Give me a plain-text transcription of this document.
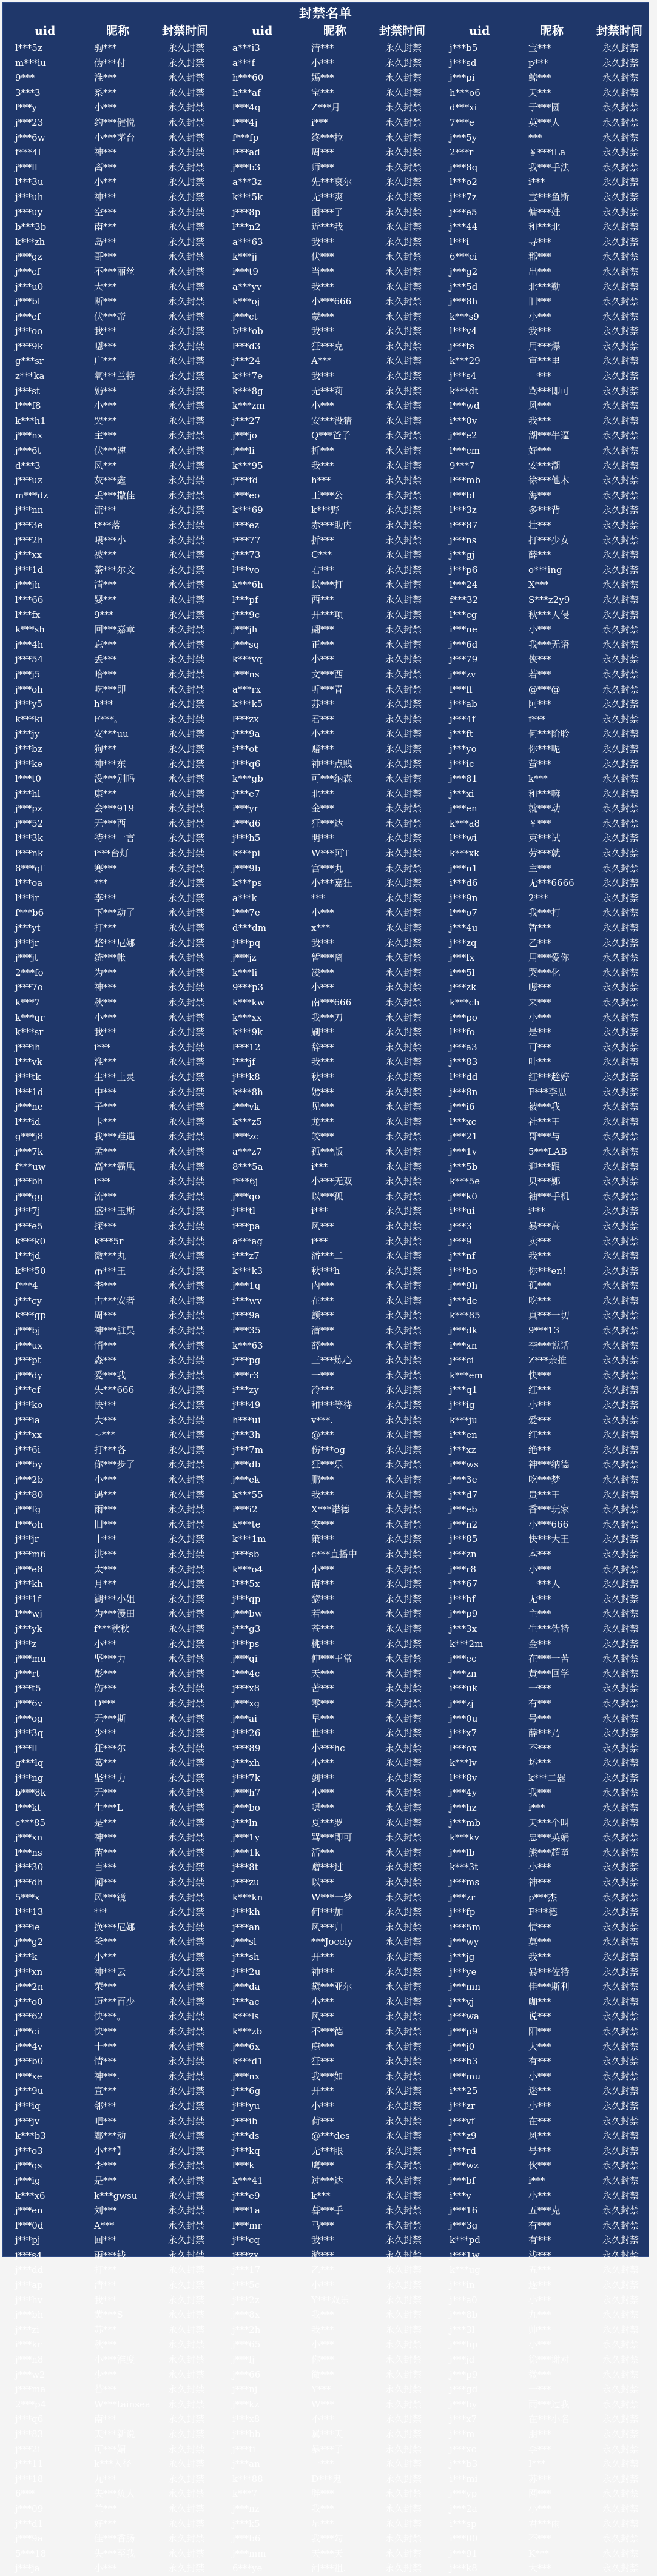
封禁名单
uid	昵称	封禁时间	uid	昵称	封禁时间	uid	昵称	封禁时间
l***5z	驹***	永久封禁	a***i3	清***	永久封禁	j***b5	宝***	永久封禁
m***iu	伪***付	永久封禁	a***f	小***	永久封禁	j***sd	p***	永久封禁
9***	淮***	永久封禁	h***60	嫣***	永久封禁	j***pi	鲸***	永久封禁
3***3	系***	永久封禁	h***af	宝***	永久封禁	h***o6	天***	永久封禁
l***y	小***	永久封禁	l***4q	Z***月	永久封禁	d***xi	于***圆	永久封禁
j***23	约***健悦	永久封禁	l***4j	i***	永久封禁	7***e	英***人	永久封禁
j***6w	小***茅台	永久封禁	f***fp	终***拉	永久封禁	j***5y	***	永久封禁
f***4l	神***	永久封禁	l***ad	周***	永久封禁	2***r	￥***iLa	永久封禁
j***ll	离***	永久封禁	j***b3	师***	永久封禁	j***8q	我***手法	永久封禁
l***3u	小***	永久封禁	a***3z	先***哀尔	永久封禁	l***o2	i***	永久封禁
j***uh	神***	永久封禁	k***5k	无***爽	永久封禁	j***7z	宝***鱼斯	永久封禁
j***uy	空***	永久封禁	j***8p	函***了	永久封禁	j***e5	慵***娃	永久封禁
b***3b	南***	永久封禁	l***n2	近***我	永久封禁	j***44	和***北	永久封禁
k***zh	岛***	永久封禁	a***63	我***	永久封禁	l***i	寻***	永久封禁
j***gz	哥***	永久封禁	k***jj	伏***	永久封禁	6***ci	郡***	永久封禁
j***cf	不***丽丝	永久封禁	i***t9	当***	永久封禁	j***g2	出***	永久封禁
j***u0	大***	永久封禁	a***yv	我***	永久封禁	j***5d	北***勤	永久封禁
j***bl	断***	永久封禁	k***oj	小***666	永久封禁	j***8h	旧***	永久封禁
j***ef	伏***帝	永久封禁	j***ct	蒙***	永久封禁	k***s9	小***	永久封禁
j***oo	我***	永久封禁	b***ob	我***	永久封禁	l***v4	我***	永久封禁
j***9k	嗯***	永久封禁	l***d3	狂***克	永久封禁	j***ts	用***爆	永久封禁
g***sr	广***	永久封禁	j***24	A***	永久封禁	k***29	审***里	永久封禁
z***ka	氧***兰特	永久封禁	k***7e	我***	永久封禁	j***s4	一***	永久封禁
j***st	奶***	永久封禁	k***8g	无***莉	永久封禁	k***dt	骂***即可	永久封禁
l***f8	小***	永久封禁	k***zm	小***	永久封禁	l***wd	风***	永久封禁
k***h1	哭***	永久封禁	j***27	安***没猜	永久封禁	i***0v	我***	永久封禁
j***nx	主***	永久封禁	j***jo	Q***爸子	永久封禁	j***e2	湖***牛逼	永久封禁
j***6t	伏***速	永久封禁	j***li	折***	永久封禁	l***cm	好***	永久封禁
d***3	风***	永久封禁	k***95	我***	永久封禁	9***7	安***潮	永久封禁
j***uz	灰***鑫	永久封禁	j***fd	h***	永久封禁	l***mb	徐***他木	永久封禁
m***dz	丢***撒佳	永久封禁	i***eo	王***公	永久封禁	l***bl	海***	永久封禁
j***nn	流***	永久封禁	k***69	k***野	永久封禁	l***3z	多***背	永久封禁
j***3e	t***落	永久封禁	l***ez	赤***助内	永久封禁	i***87	壮***	永久封禁
j***2h	喂***小	永久封禁	i***77	折***	永久封禁	j***ns	打***少女	永久封禁
j***xx	被***	永久封禁	j***73	C***	永久封禁	j***gj	薛***	永久封禁
j***1d	茶***尔文	永久封禁	l***vo	君***	永久封禁	j***p6	o***ing	永久封禁
j***jh	清***	永久封禁	k***6h	以***打	永久封禁	l***24	X***	永久封禁
l***66	婴***	永久封禁	l***pf	西***	永久封禁	f***32	S***z2y9	永久封禁
l***fx	9***	永久封禁	j***9c	开***项	永久封禁	l***cg	秋***人侵	永久封禁
k***sh	回***嘉章	永久封禁	j***jh	翩***	永久封禁	i***ne	小***	永久封禁
j***4h	忘***	永久封禁	j***sq	正***	永久封禁	j***6d	我***无语	永久封禁
j***54	丢***	永久封禁	k***vq	小***	永久封禁	j***79	侠***	永久封禁
j***j5	哈***	永久封禁	i***ns	文***西	永久封禁	j***zv	若***	永久封禁
j***oh	吃***即	永久封禁	a***rx	听***青	永久封禁	l***ff	@***@	永久封禁
j***y5	h***	永久封禁	k***k5	苏***	永久封禁	j***ab	阿***	永久封禁
k***ki	F***。	永久封禁	l***zx	君***	永久封禁	j***4f	f***	永久封禁
j***jy	安***uu	永久封禁	j***9a	小***	永久封禁	j***ft	何***阶聆	永久封禁
j***bz	狗***	永久封禁	i***ot	赌***	永久封禁	j***yo	你***呢	永久封禁
j***ke	神***东	永久封禁	j***q6	神***点贱	永久封禁	j***ic	萤***	永久封禁
l***t0	没***别吗	永久封禁	k***gb	可***纳森	永久封禁	j***81	k***	永久封禁
j***hl	康***	永久封禁	j***e7	北***	永久封禁	j***xi	和***嘛	永久封禁
j***pz	会***919	永久封禁	i***yr	金***	永久封禁	j***en	就***动	永久封禁
j***52	无***西	永久封禁	i***d6	狂***达	永久封禁	k***a8	￥***	永久封禁
l***3k	特***一言	永久封禁	j***h5	明***	永久封禁	l***wi	束***试	永久封禁
l***nk	i***台灯	永久封禁	k***pi	W***阿T	永久封禁	k***xk	劳***就	永久封禁
8***qf	寒***	永久封禁	j***9b	宫***丸	永久封禁	j***n1	主***	永久封禁
l***oa	***	永久封禁	k***ps	小***嘉狂	永久封禁	i***d6	无***6666	永久封禁
l***ir	李***	永久封禁	a***k	***	永久封禁	j***9n	2***	永久封禁
f***b6	下***动了	永久封禁	l***7e	小***	永久封禁	l***o7	我***打	永久封禁
j***yt	打***	永久封禁	d***dm	x***	永久封禁	j***4u	暂***	永久封禁
j***jr	整***尼娜	永久封禁	j***pq	我***	永久封禁	j***zq	乙***	永久封禁
j***jt	统***帐	永久封禁	j***jz	暂***离	永久封禁	j***fx	用***爱你	永久封禁
2***fo	为***	永久封禁	k***li	凌***	永久封禁	i***5l	哭***化	永久封禁
j***7o	神***	永久封禁	9***p3	小***	永久封禁	j***zk	嗯***	永久封禁
k***7	秋***	永久封禁	k***kw	南***666	永久封禁	k***ch	来***	永久封禁
k***qr	小***	永久封禁	k***xx	我***刀	永久封禁	i***po	小***	永久封禁
k***sr	我***	永久封禁	k***9k	刷***	永久封禁	l***fo	是***	永久封禁
j***ih	i***	永久封禁	l***12	辞***	永久封禁	j***a3	可***	永久封禁
l***vk	淮***	永久封禁	l***jf	我***	永久封禁	j***83	叶***	永久封禁
j***tk	生***上灵	永久封禁	j***k8	秋***	永久封禁	l***dd	红***趁婷	永久封禁
l***1d	中***	永久封禁	k***8h	嫣***	永久封禁	j***8n	F***李思	永久封禁
j***ne	子***	永久封禁	i***vk	见***	永久封禁	j***i6	被***我	永久封禁
l***id	卡***	永久封禁	k***z5	龙***	永久封禁	l***xc	社***王	永久封禁
g***j8	我***难遇	永久封禁	l***zc	皎***	永久封禁	j***21	哥***与	永久封禁
j***7k	孟***	永久封禁	a***z7	孤***版	永久封禁	j***1v	5***LAB	永久封禁
f***uw	高***霸凰	永久封禁	8***5a	i***	永久封禁	j***5b	迎***跟	永久封禁
j***bh	i***	永久封禁	f***6j	小***无双	永久封禁	k***5e	贝***娜	永久封禁
j***gg	流***	永久封禁	j***qo	以***孤	永久封禁	j***k0	袖***手机	永久封禁
j***7j	盛***玉斯	永久封禁	j***tl	i***	永久封禁	i***ui	i***	永久封禁
j***e5	探***	永久封禁	i***pa	风***	永久封禁	j***3	暴***高	永久封禁
k***k0	k***5r	永久封禁	a***ag	i***	永久封禁	j***9	卖***	永久封禁
l***jd	微***丸	永久封禁	i***z7	潘***二	永久封禁	j***nf	我***	永久封禁
k***50	吊***王	永久封禁	k***k3	秋***h	永久封禁	j***bo	你***en!	永久封禁
f***4	李***	永久封禁	j***1q	内***	永久封禁	j***9h	孤***	永久封禁
j***cy	古***安者	永久封禁	i***wv	在***	永久封禁	j***de	吃***	永久封禁
k***gp	周***	永久封禁	j***9a	颤***	永久封禁	k***85	真***一切	永久封禁
j***bj	神***脏昊	永久封禁	i***35	潜***	永久封禁	j***dk	9***13	永久封禁
j***ux	悄***	永久封禁	k***63	薛***	永久封禁	i***xn	李***说话	永久封禁
j***pt	淼***	永久封禁	j***pg	三***炼心	永久封禁	j***ci	Z***亲推	永久封禁
j***dy	爱***我	永久封禁	i***r3	一***	永久封禁	k***em	快***	永久封禁
j***ef	失***666	永久封禁	i***zy	冷***	永久封禁	j***q1	红***	永久封禁
j***ko	快***	永久封禁	j***49	和***等待	永久封禁	j***ig	小***	永久封禁
j***ia	大***	永久封禁	h***ui	v***.	永久封禁	k***ju	爱***	永久封禁
j***xx	~***	永久封禁	j***3h	@***	永久封禁	i***en	红***	永久封禁
j***6i	打***各	永久封禁	j***7m	伤***og	永久封禁	j***xz	绝***	永久封禁
i***by	你***步了	永久封禁	j***db	狂***乐	永久封禁	i***ws	神***纳德	永久封禁
j***2b	小***	永久封禁	j***ek	鹏***	永久封禁	j***3e	吃***梦	永久封禁
j***80	遇***	永久封禁	k***55	我***	永久封禁	j***d7	贵***王	永久封禁
j***fg	雨***	永久封禁	i***i2	X***诺德	永久封禁	j***eb	香***玩家	永久封禁
l***oh	旧***	永久封禁	k***te	安***	永久封禁	j***n2	小***666	永久封禁
j***jr	十***	永久封禁	k***1m	策***	永久封禁	j***85	快***大王	永久封禁
j***m6	洪***	永久封禁	j***sb	c***直播中	永久封禁	j***zn	本***	永久封禁
j***e8	太***	永久封禁	k***o4	小***	永久封禁	j***r8	小***	永久封禁
j***kh	月***	永久封禁	l***5x	南***	永久封禁	j***67	一***人	永久封禁
j***1f	湖***小姐	永久封禁	j***qp	黎***	永久封禁	j***bf	无***	永久封禁
l***wj	为***漫田	永久封禁	j***bw	若***	永久封禁	j***p9	主***	永久封禁
j***yk	f***秋秋	永久封禁	j***g3	苍***	永久封禁	j***3x	生***伪特	永久封禁
j***z	小***	永久封禁	j***ps	桃***	永久封禁	k***2m	金***	永久封禁
j***mu	坚***力	永久封禁	j***qi	仲***王常	永久封禁	j***ec	在***一苦	永久封禁
j***rt	彭***	永久封禁	l***4c	天***	永久封禁	j***zn	黄***回学	永久封禁
j***t5	伤***	永久封禁	j***x8	苦***	永久封禁	i***uk	一***	永久封禁
j***6v	O***	永久封禁	j***xg	零***	永久封禁	j***zj	有***	永久封禁
j***og	无***斯	永久封禁	j***ai	早***	永久封禁	j***0u	号***	永久封禁
j***3q	少***	永久封禁	j***26	世***	永久封禁	j***x7	薛***乃	永久封禁
j***ll	狂***尔	永久封禁	i***89	小***hc	永久封禁	l***ox	不***	永久封禁
g***lq	葛***	永久封禁	j***xh	小***	永久封禁	k***lv	坏***	永久封禁
j***ng	坚***力	永久封禁	j***7k	剑***	永久封禁	l***8v	k***二器	永久封禁
b***8k	无***	永久封禁	j***h7	小***	永久封禁	j***4y	我***	永久封禁
l***kt	生***L	永久封禁	j***bo	嗯***	永久封禁	j***hz	i***	永久封禁
c***85	是***	永久封禁	j***ln	夏***罗	永久封禁	j***mb	天***个叫	永久封禁
j***xn	神***	永久封禁	j***1y	骂***即可	永久封禁	k***kv	忠***英娟	永久封禁
l***ns	苗***	永久封禁	j***1k	活***	永久封禁	j***lb	熊***超童	永久封禁
j***30	百***	永久封禁	j***8t	赠***过	永久封禁	k***3t	小***	永久封禁
j***dh	闻***	永久封禁	j***zu	以***	永久封禁	j***ms	神***	永久封禁
5***x	风***镜	永久封禁	k***kn	W***一梦	永久封禁	j***zr	p***杰	永久封禁
l***13	***	永久封禁	j***kh	何***加	永久封禁	j***fp	F***德	永久封禁
j***ie	换***尼娜	永久封禁	j***an	风***归	永久封禁	i***5m	情***	永久封禁
j***g2	爸***	永久封禁	j***sl	***Jocely	永久封禁	j***wy	莫***	永久封禁
j***k	小***	永久封禁	j***sh	开***	永久封禁	j***jg	我***	永久封禁
j***xn	神***云	永久封禁	j***2u	神***	永久封禁	j***ye	暴***佐特	永久封禁
j***2n	荣***	永久封禁	j***da	黛***亚尔	永久封禁	j***mn	佳***斯利	永久封禁
j***o0	迈***百少	永久封禁	l***ac	小***	永久封禁	j***vj	咖***	永久封禁
j***62	快***。	永久封禁	k***ls	风***	永久封禁	j***wa	说***	永久封禁
j***ci	快***	永久封禁	k***zb	不***德	永久封禁	j***p9	阳***	永久封禁
j***4v	十***	永久封禁	j***6x	鹿***	永久封禁	j***j0	大***	永久封禁
j***b0	情***	永久封禁	k***d1	狂***	永久封禁	i***b3	有***	永久封禁
l***xe	神***.	永久封禁	j***nx	我***如	永久封禁	l***mu	小***	永久封禁
j***9u	宣***	永久封禁	j***6g	开***	永久封禁	i***25	迷***	永久封禁
j***iq	邻***	永久封禁	j***yu	小***	永久封禁	j***zr	小***	永久封禁
j***jv	吧***	永久封禁	j***ib	荷***	永久封禁	j***vf	在***	永久封禁
k***b3	鄭***动	永久封禁	j***ds	@***des	永久封禁	j***z9	风***	永久封禁
j***o3	小***】	永久封禁	j***kq	无***眼	永久封禁	j***rd	号***	永久封禁
j***qs	李***	永久封禁	l***k	鹰***	永久封禁	j***wz	伙***	永久封禁
j***ig	是***	永久封禁	k***41	过***达	永久封禁	j***bf	i***	永久封禁
k***x6	k***gwsu	永久封禁	j***e9	k***	永久封禁	i***v	小***	永久封禁
j***en	刘***	永久封禁	l***1a	暮***手	永久封禁	j***16	五***克	永久封禁
l***0d	A***	永久封禁	l***mr	马***	永久封禁	j***3g	有***	永久封禁
j***pj	回***	永久封禁	j***cq	我***	永久封禁	k***pd	有***	永久封禁
j***s4	雨***钱	永久封禁	j***zx	游***	永久封禁	j***1w	浅***	永久封禁
j***dd	打***	永久封禁	j***17	乙***	永久封禁	k***ug	五***	永久封禁
j***ap	清***	永久封禁	j***5c	小***	永久封禁	j***in	逐***	永久封禁
j***hv	我***	永久封禁	j***2z	Y***双乐	永久封禁	j***a0	小***	永久封禁
j***bh	黄***S	永久封禁	j***8x	我***	永久封禁	j***8b	九***	永久封禁
j***zi	苏***	永久封禁	j***2h	我***	永久封禁	j***3l	帅***	永久封禁
i***kr	秋***	永久封禁	j***65	小***	永久封禁	j***hp	小***	永久封禁
j***n8	小***淮度	永久封禁	j***lj	你***	永久封禁	j***jd	徐***谢对	永久封禁
j***w2	少***	永久封禁	j***66	徽***	永久封禁	j***p9	微***	永久封禁
j***ma	苔***	永久封禁	j***nj	Y***	永久封禁	j***gd	一***	永久封禁
2***p4	W***tainsea	永久封禁	j***kz	W***	永久封禁	j***by	雨***过我	永久封禁
j***q6	南***	永久封禁	i***x8	不***	永久封禁	j***x7	在***小名	永久封禁
j***83	天***新说	永久封禁	j***bb	翼***天	永久封禁	j***m	朋***	永久封禁
j***2i	可***媚	永久封禁	j***ti	暴***子	永久封禁	j***xc	李***	永久封禁
j***11	k***入径	永久封禁	j***an	一***	永久封禁	j***b3	I***	永久封禁
j***18	九***	永久封禁	k***88	D***鬼	永久封禁	i***mi	苏***	永久封禁
6***	失***负人	永久封禁	k***7	胖***	永久封禁	j***yp	网***	永久封禁
j***09	兰***	永久封禁	j***nz	我***	永久封禁	j***2a	小***	永久封禁
j***d1	好***	永久封禁	j***k5	星***	永久封禁	i***sp	君***雨	永久封禁
j***9a	佳***香肠	永久封禁	j***b6	我***勾	永久封禁	i***00	不***	永久封禁
5***18	失***至我	永久封禁	j***mm	天***天	永久封禁	j***91	K***	永久封禁
j***ja	小***	永久封禁	6***ye	河***祖.	永久封禁	j***k8	大***	永久封禁
